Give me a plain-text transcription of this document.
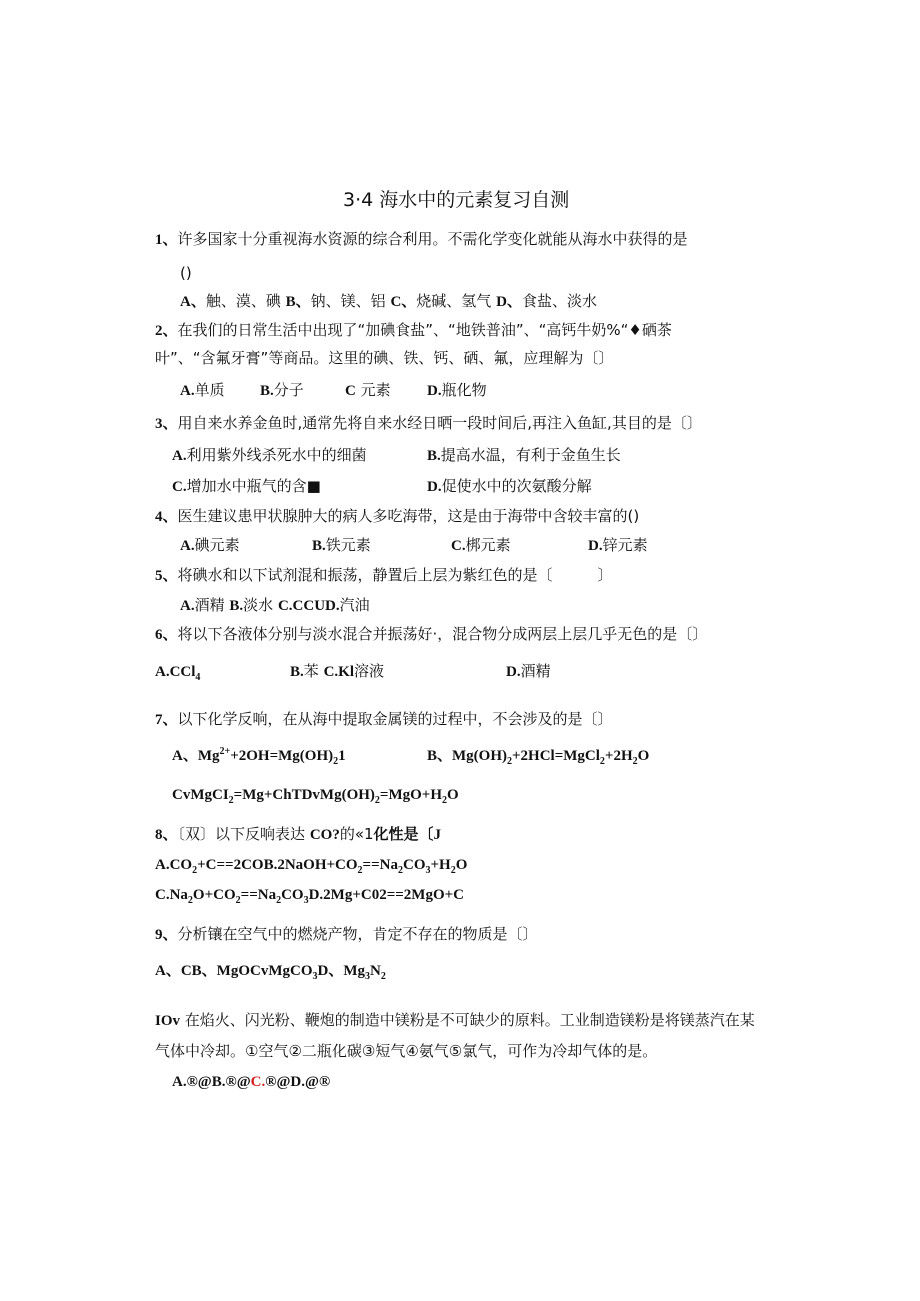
3·4 海水中的元素复习自测
1、许多国家十分重视海水资源的综合利用。不需化学变化就能从海水中获得的是
()
A、触、漠、碘 B、钠、镁、铝 C、烧碱、氢气 D、食盐、淡水
2、在我们的日常生活中出现了“加碘食盐”、“地铁普油”、“高钙牛奶%“♦硒茶
叶”、“含氟牙膏”等商品。这里的碘、铁、钙、硒、氟，应理解为〔〕
A.单质 B.分子	C 元素 D.瓶化物
3、用自来水养金鱼时,通常先将自来水经日晒一段时间后,再注入鱼缸,其目的是〔〕
A.利用紫外线杀死水中的细菌	B.提高水温，有利于金鱼生长
C.增加水中瓶气的含■	D.促使水中的次氨酸分解
4、医生建议患甲状腺肿大的病人多吃海带，这是由于海带中含较丰富的()
A.碘元素	B.铁元素	C.梆元素	D.锌元素
5、将碘水和以下试剂混和振荡，静置后上层为紫红色的是〔　　　〕
A.酒精 B.淡水 C.CCUD.汽油
6、将以下各液体分别与淡水混合并振荡好·，混合物分成两层上层几乎无色的是〔〕
A.CCl$_4$	B.苯 C.Kl溶液	D.酒精
7、以下化学反响，在从海中提取金属镁的过程中，不会涉及的是〔〕
A、$Mg^{2+}+2OH=Mg(OH)_21$	B、$Mg(OH)_2+2HCl=MgCl_2+2H_2O$
$CvMgCI_2=Mg+ChTDvMg(OH)_2=MgO+H_2O$
8、〔双〕以下反响表达 CO?的«1化性是〔J
$A.CO_2+C==2COB.2NaOH+CO_2==Na_2CO_3+H_2O$
$C.Na_2O+CO_2==Na_2CO_3D.2Mg+C02==2MgO+C$
9、分析镶在空气中的燃烧产物，肯定不存在的物质是〔〕
A、CB、MgOCvMgCO$_3$D、$Mg_3N_2$
IOv 在焰火、闪光粉、鞭炮的制造中镁粉是不可缺少的原料。工业制造镁粉是将镁蒸汽在某
气体中冷却。①空气②二瓶化碳③短气④氨气⑤氯气，可作为冷却气体的是。
A.®@B.®@C.®@D.@®
